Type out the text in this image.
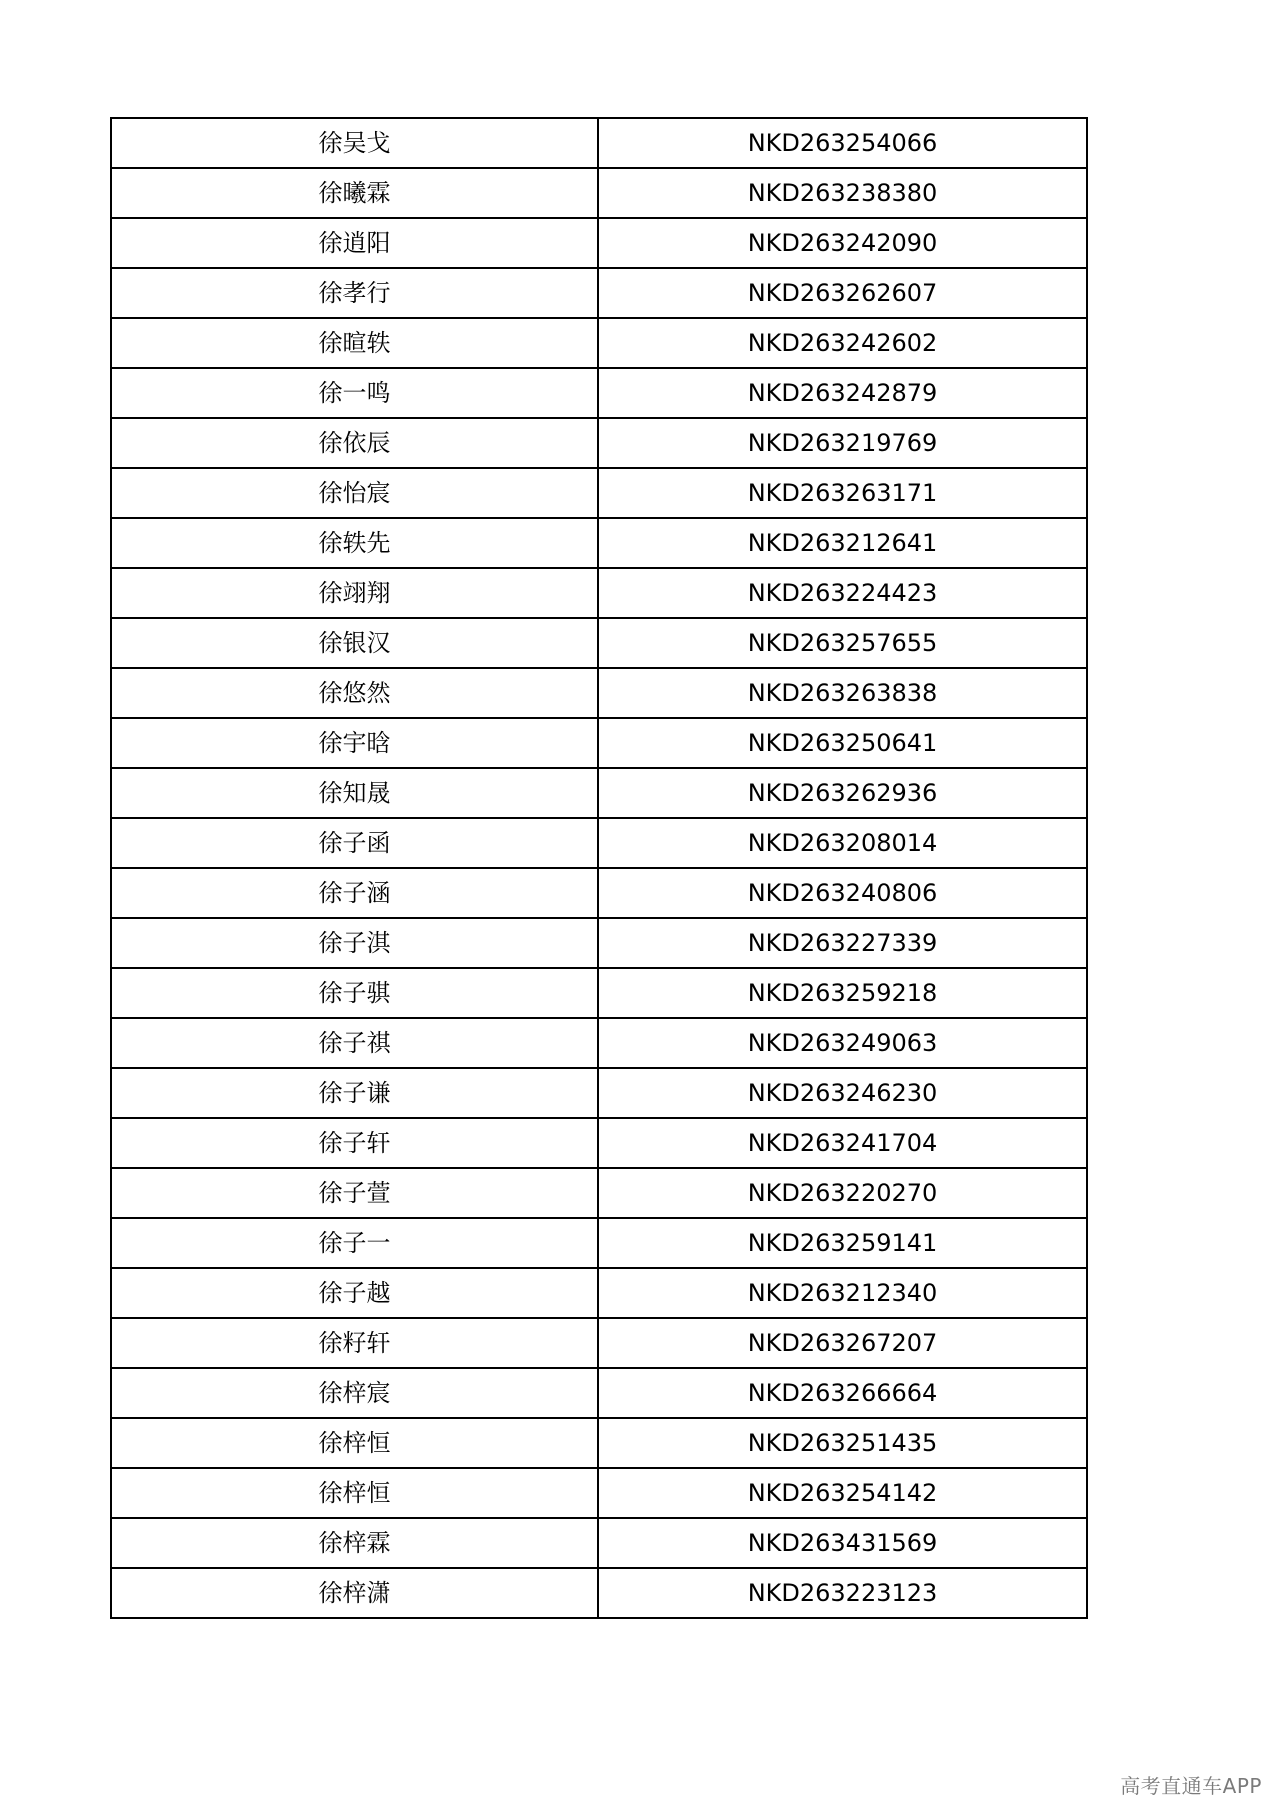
徐吴戈	NKD263254066
徐曦霖	NKD263238380
徐逍阳	NKD263242090
徐孝行	NKD263262607
徐暄轶	NKD263242602
徐一鸣	NKD263242879
徐依辰	NKD263219769
徐怡宸	NKD263263171
徐轶先	NKD263212641
徐翊翔	NKD263224423
徐银汉	NKD263257655
徐悠然	NKD263263838
徐宇晗	NKD263250641
徐知晟	NKD263262936
徐子函	NKD263208014
徐子涵	NKD263240806
徐子淇	NKD263227339
徐子骐	NKD263259218
徐子祺	NKD263249063
徐子谦	NKD263246230
徐子轩	NKD263241704
徐子萱	NKD263220270
徐子一	NKD263259141
徐子越	NKD263212340
徐籽轩	NKD263267207
徐梓宸	NKD263266664
徐梓恒	NKD263251435
徐梓恒	NKD263254142
徐梓霖	NKD263431569
徐梓潇	NKD263223123
高考直通车APP
